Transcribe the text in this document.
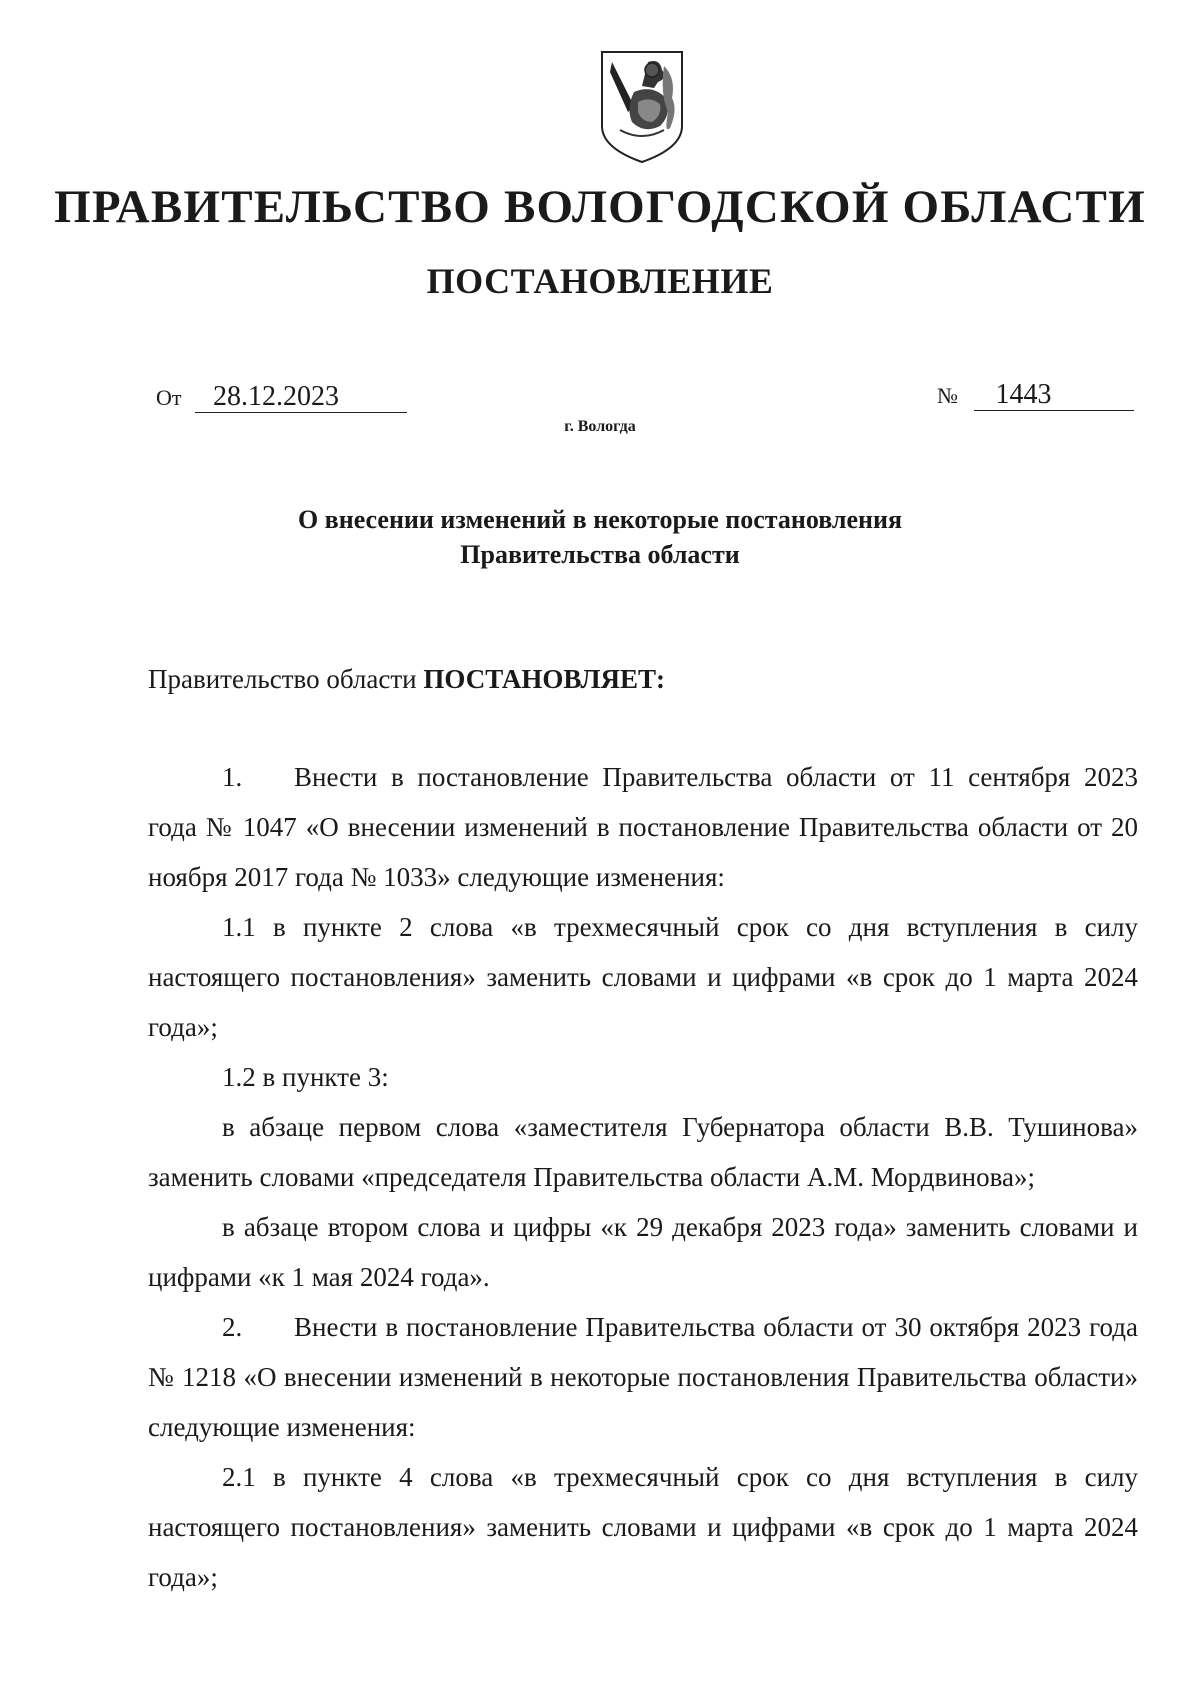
ПРАВИТЕЛЬСТВО ВОЛОГОДСКОЙ ОБЛАСТИ
ПОСТАНОВЛЕНИЕ
От 28.12.2023	№ 1443
г. Вологда
О внесении изменений в некоторые постановления
Правительства области
Правительство области ПОСТАНОВЛЯЕТ:

1. Внести в постановление Правительства области от 11 сентября 2023 года № 1047 «О внесении изменений в постановление Правительства области от 20 ноября 2017 года № 1033» следующие изменения:

1.1 в пункте 2 слова «в трехмесячный срок со дня вступления в силу настоящего постановления» заменить словами и цифрами «в срок до 1 марта 2024 года»;

1.2 в пункте 3:

в абзаце первом слова «заместителя Губернатора области В.В. Тушинова» заменить словами «председателя Правительства области А.М. Мордвинова»;

в абзаце втором слова и цифры «к 29 декабря 2023 года» заменить словами и цифрами «к 1 мая 2024 года».

2. Внести в постановление Правительства области от 30 октября 2023 года № 1218 «О внесении изменений в некоторые постановления Правительства области» следующие изменения:

2.1 в пункте 4 слова «в трехмесячный срок со дня вступления в силу настоящего постановления» заменить словами и цифрами «в срок до 1 марта 2024 года»;
